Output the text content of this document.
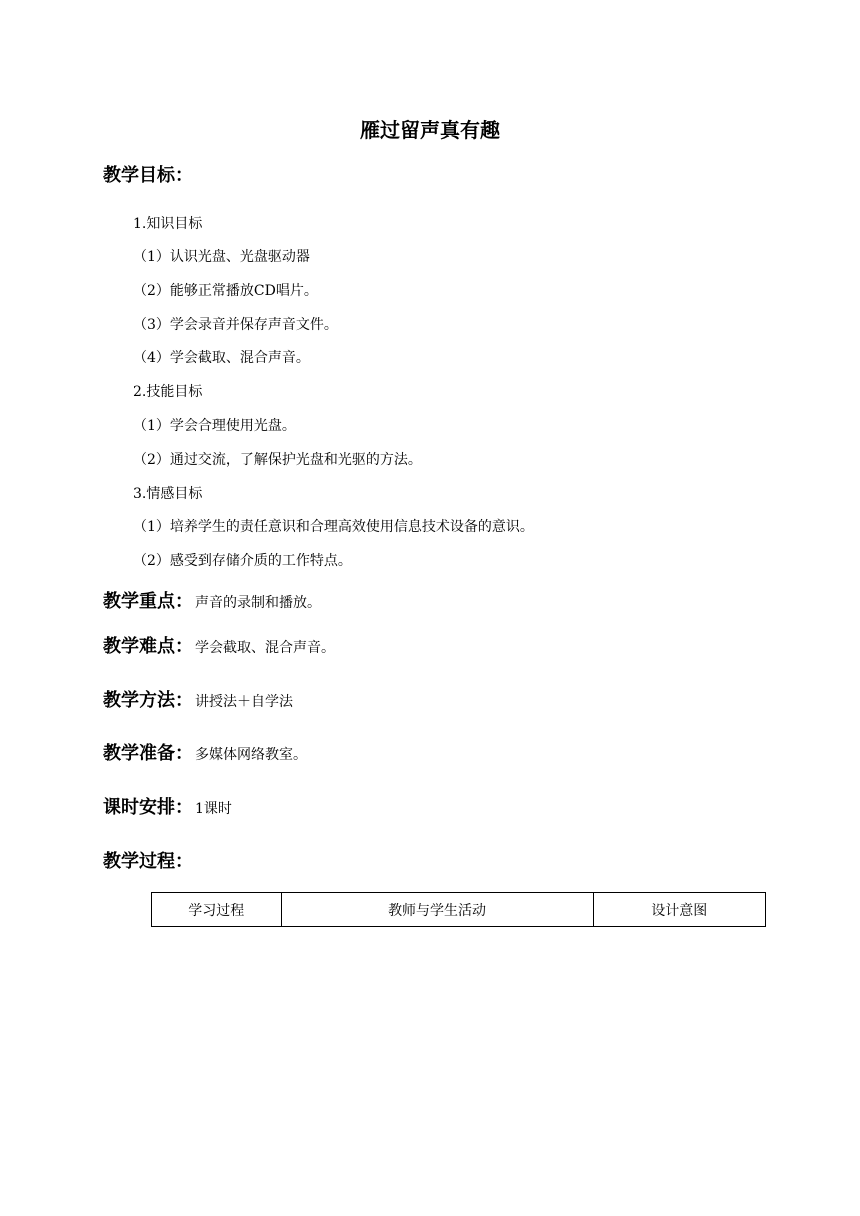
雁过留声真有趣
教学目标：
1.知识目标
（1）认识光盘、光盘驱动器
（2）能够正常播放CD唱片。
（3）学会录音并保存声音文件。
（4）学会截取、混合声音。
2.技能目标
（1）学会合理使用光盘。
（2）通过交流，了解保护光盘和光驱的方法。
3.情感目标
（1）培养学生的责任意识和合理高效使用信息技术设备的意识。
（2）感受到存储介质的工作特点。
教学重点： 声音的录制和播放。
教学难点： 学会截取、混合声音。
教学方法： 讲授法＋自学法
教学准备： 多媒体网络教室。
课时安排： 1课时
教学过程：
学习过程	教师与学生活动	设计意图
